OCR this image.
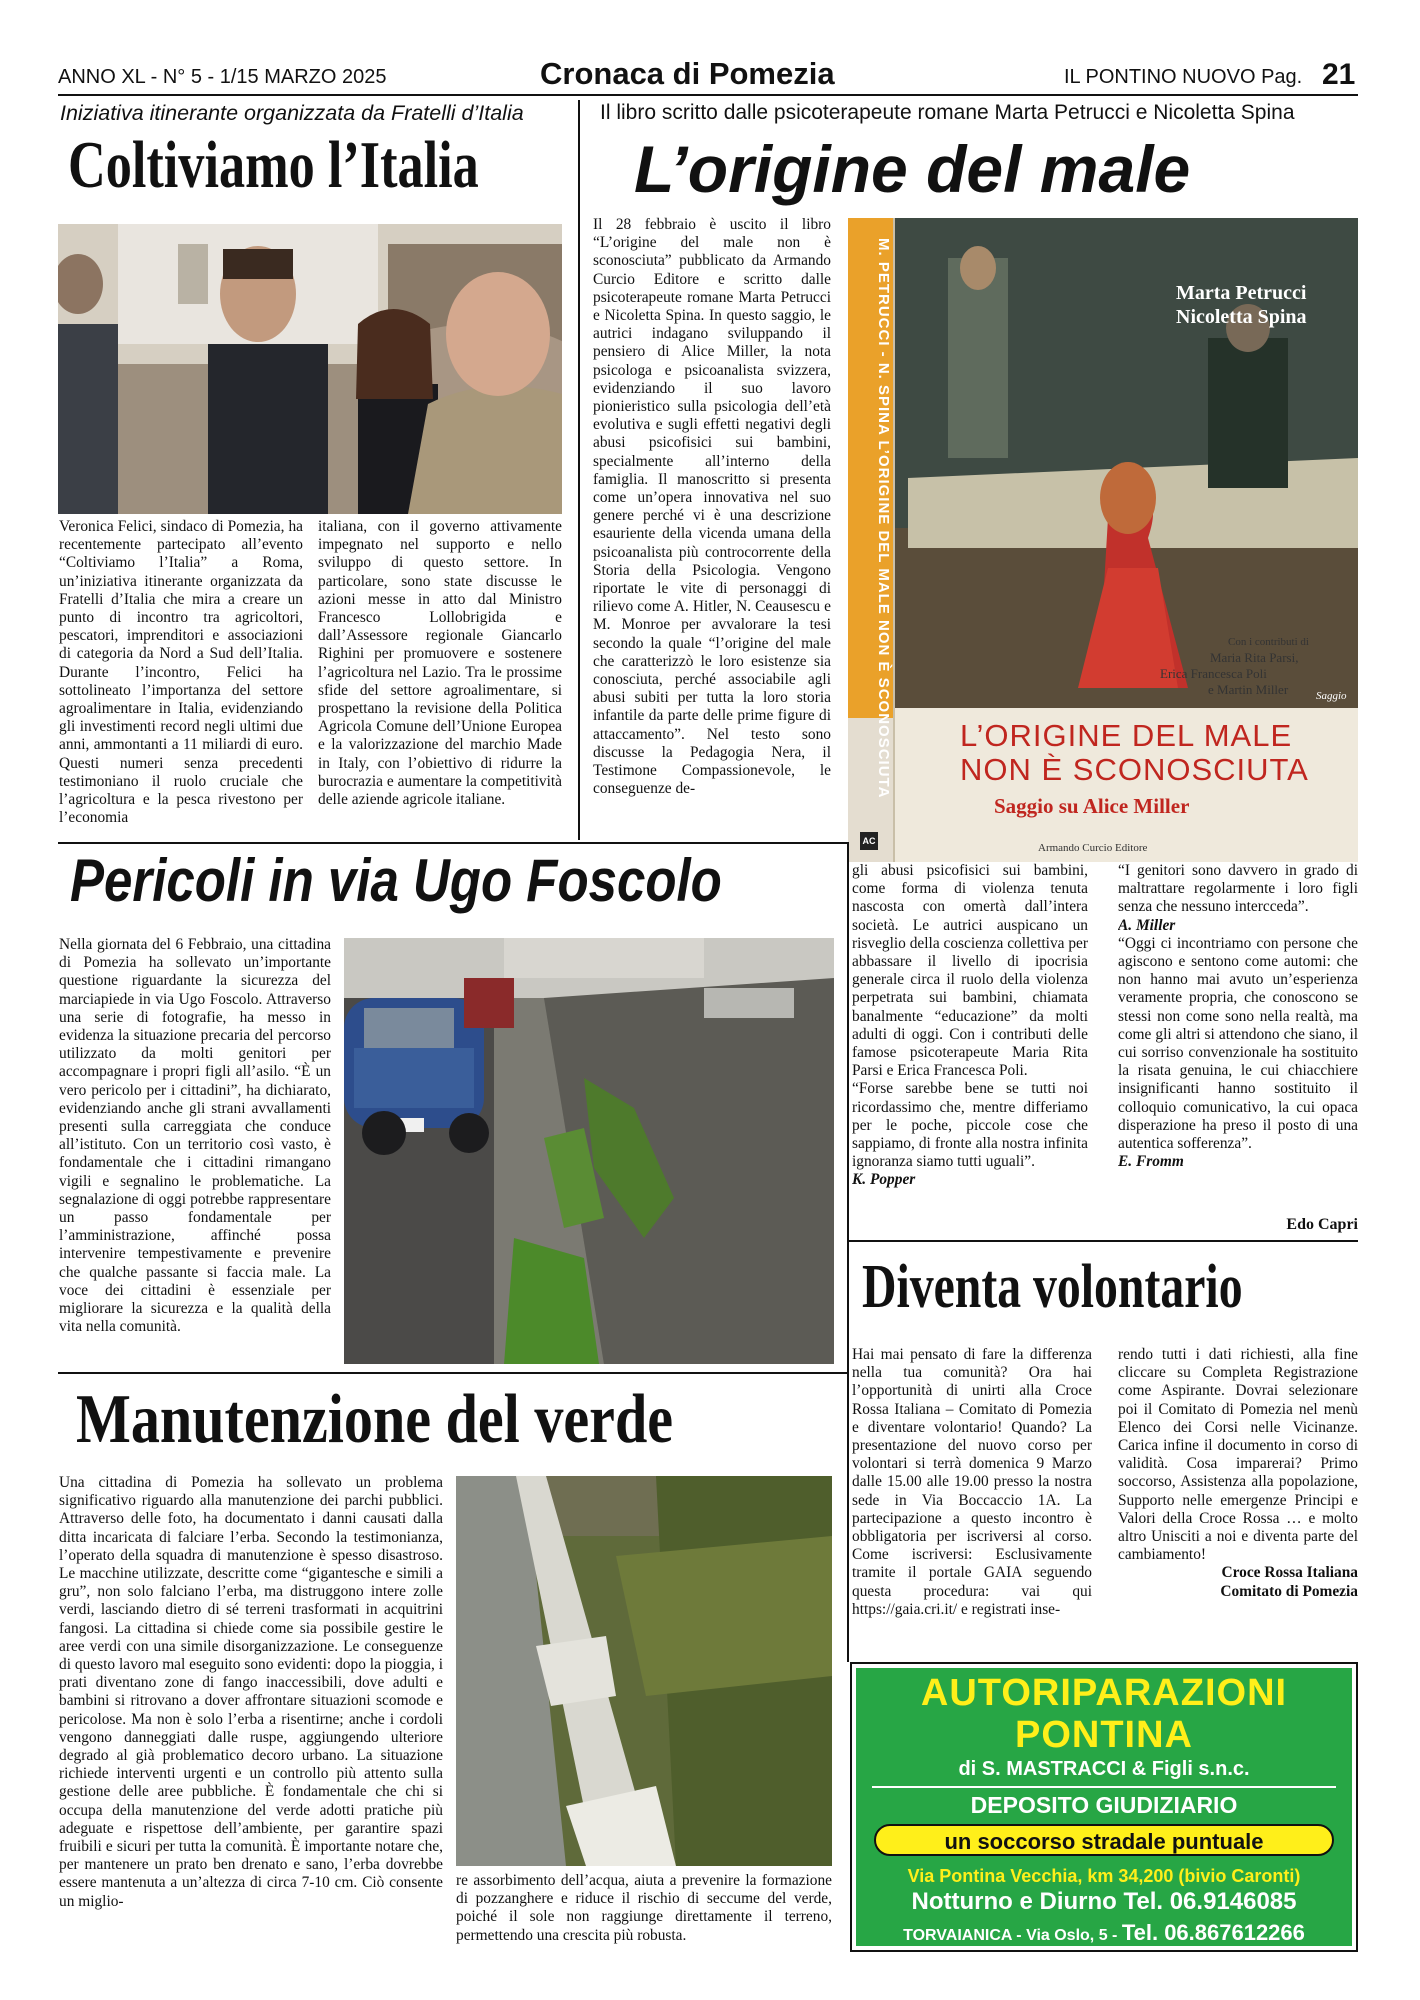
ANNO XL - N° 5 - 1/15 MARZO 2025	Cronaca di Pomezia	IL PONTINO NUOVO Pag. 21
Iniziativa itinerante organizzata da Fratelli d’Italia
Coltiviamo l’Italia
Veronica Felici, sindaco di Pomezia, ha recentemente partecipato all’evento “Coltiviamo l’Italia” a Roma, un’iniziativa itinerante organizzata da Fratelli d’Italia che mira a creare un punto di incontro tra agricoltori, pescatori, imprenditori e associazioni di categoria da Nord a Sud dell’Italia. Durante l’incontro, Felici ha sottolineato l’importanza del settore agroalimentare in Italia, evidenziando gli investimenti record negli ultimi due anni, ammontanti a 11 miliardi di euro. Questi numeri senza precedenti testimoniano il ruolo cruciale che l’agricoltura e la pesca rivestono per l’economia
italiana, con il governo attivamente impegnato nel supporto e nello sviluppo di questo settore. In particolare, sono state discusse le azioni messe in atto dal Ministro Francesco Lollobrigida e dall’Assessore regionale Giancarlo Righini per promuovere e sostenere l’agricoltura nel Lazio. Tra le prossime sfide del settore agroalimentare, si prospettano la revisione della Politica Agricola Comune dell’Unione Europea e la valorizzazione del marchio Made in Italy, con l’obiettivo di ridurre la burocrazia e aumentare la competitività delle aziende agricole italiane.
Il libro scritto dalle psicoterapeute romane Marta Petrucci e Nicoletta Spina
L’origine del male
Il 28 febbraio è uscito il libro “L’origine del male non è sconosciuta” pubblicato da Armando Curcio Editore e scritto dalle psicoterapeute romane Marta Petrucci e Nicoletta Spina. In questo saggio, le autrici indagano sviluppando il pensiero di Alice Miller, la nota psicologa e psicoanalista svizzera, evidenziando il suo lavoro pionieristico sulla psicologia dell’età evolutiva e sugli effetti negativi degli abusi psicofisici sui bambini, specialmente all’interno della famiglia. Il manoscritto si presenta come un’opera innovativa nel suo genere perché vi è una descrizione esauriente della vicenda umana della psicoanalista più controcorrente della Storia della Psicologia. Vengono riportate le vite di personaggi di rilievo come A. Hitler, N. Ceausescu e M. Monroe per avvalorare la tesi secondo la quale “l’origine del male che caratterizzò le loro esistenze sia conosciuta, perché associabile agli abusi subiti per tutta la loro storia infantile da parte delle prime figure di attaccamento”. Nel testo sono discusse la Pedagogia Nera, il Testimone Compassionevole, le conseguenze de-	M. PETRUCCI - N. SPINA L’ORIGINE DEL MALE NON È SCONOSCIUTA	Marta Petrucci
Nicoletta Spina
Saggio
Con i contributi di
Maria Rita Parsi,
Erica Francesca Poli
e Martin Miller
L’ORIGINE DEL MALE
NON È SCONOSCIUTA
Saggio su Alice Miller
Armando Curcio Editore
AC

gli abusi psicofisici sui bambini, come forma di violenza tenuta nascosta con omertà dall’intera società. Le autrici auspicano un risveglio della coscienza collettiva per abbassare il livello di ipocrisia generale circa il ruolo della violenza perpetrata sui bambini, chiamata banalmente “educazione” da molti adulti di oggi. Con i contributi delle famose psicoterapeute Maria Rita Parsi e Erica Francesca Poli.

“Forse sarebbe bene se tutti noi ricordassimo che, mentre differiamo per le poche, piccole cose che sappiamo, di fronte alla nostra infinita ignoranza siamo tutti uguali”.

K. Popper

“I genitori sono davvero in grado di maltrattare regolarmente i loro figli senza che nessuno intercceda”.

A. Miller

“Oggi ci incontriamo con persone che agiscono e sentono come automi: che non hanno mai avuto un’esperienza veramente propria, che conoscono se stessi non come sono nella realtà, ma come gli altri si attendono che siano, il cui sorriso convenzionale ha sostituito la risata genuina, le cui chiacchiere insignificanti hanno sostituito il colloquio comunicativo, la cui opaca disperazione ha preso il posto di una autentica sofferenza”.

E. Fromm

Edo Capri
Pericoli in via Ugo Foscolo
Nella giornata del 6 Febbraio, una cittadina di Pomezia ha sollevato un’importante questione riguardante la sicurezza del marciapiede in via Ugo Foscolo. Attraverso una serie di fotografie, ha messo in evidenza la situazione precaria del percorso utilizzato da molti genitori per accompagnare i propri figli all’asilo. “È un vero pericolo per i cittadini”, ha dichiarato, evidenziando anche gli strani avvallamenti presenti sulla carreggiata che conduce all’istituto. Con un territorio così vasto, è fondamentale che i cittadini rimangano vigili e segnalino le problematiche. La segnalazione di oggi potrebbe rappresentare un passo fondamentale per l’amministrazione, affinché possa intervenire tempestivamente e prevenire che qualche passante si faccia male. La voce dei cittadini è essenziale per migliorare la sicurezza e la qualità della vita nella comunità.
Diventa volontario
Hai mai pensato di fare la differenza nella tua comunità? Ora hai l’opportunità di unirti alla Croce Rossa Italiana – Comitato di Pomezia e diventare volontario! Quando? La presentazione del nuovo corso per volontari si terrà domenica 9 Marzo dalle 15.00 alle 19.00 presso la nostra sede in Via Boccaccio 1A. La partecipazione a questo incontro è obbligatoria per iscriversi al corso. Come iscriversi: Esclusivamente tramite il portale GAIA seguendo questa procedura: vai qui https://gaia.cri.it/ e registrati inse-

rendo tutti i dati richiesti, alla fine cliccare su Completa Registrazione come Aspirante. Dovrai selezionare poi il Comitato di Pomezia nel menù Elenco dei Corsi nelle Vicinanze. Carica infine il documento in corso di validità. Cosa imparerai? Primo soccorso, Assistenza alla popolazione, Supporto nelle emergenze Principi e Valori della Croce Rossa … e molto altro Unisciti a noi e diventa parte del cambiamento!

Croce Rossa Italiana

Comitato di Pomezia

Manutenzione del verde
Una cittadina di Pomezia ha sollevato un problema significativo riguardo alla manutenzione dei parchi pubblici. Attraverso delle foto, ha documentato i danni causati dalla ditta incaricata di falciare l’erba. Secondo la testimonianza, l’operato della squadra di manutenzione è spesso disastroso. Le macchine utilizzate, descritte come “gigantesche e simili a gru”, non solo falciano l’erba, ma distruggono intere zolle verdi, lasciando dietro di sé terreni trasformati in acquitrini fangosi. La cittadina si chiede come sia possibile gestire le aree verdi con una simile disorganizzazione. Le conseguenze di questo lavoro mal eseguito sono evidenti: dopo la pioggia, i prati diventano zone di fango inaccessibili, dove adulti e bambini si ritrovano a dover affrontare situazioni scomode e pericolose. Ma non è solo l’erba a risentirne; anche i cordoli vengono danneggiati dalle ruspe, aggiungendo ulteriore degrado al già problematico decoro urbano. La situazione richiede interventi urgenti e un controllo più attento sulla gestione delle aree pubbliche. È fondamentale che chi si occupa della manutenzione del verde adotti pratiche più adeguate e rispettose dell’ambiente, per garantire spazi fruibili e sicuri per tutta la comunità. È importante notare che, per mantenere un prato ben drenato e sano, l’erba dovrebbe essere mantenuta a un’altezza di circa 7-10 cm. Ciò consente un miglio-
re assorbimento dell’acqua, aiuta a prevenire la formazione di pozzanghere e riduce il rischio di seccume del verde, poiché il sole non raggiunge direttamente il terreno, permettendo una crescita più robusta.
AUTORIPARAZIONI
PONTINA
di S. MASTRACCI & Figli s.n.c.
DEPOSITO GIUDIZIARIO
un soccorso stradale puntuale
Via Pontina Vecchia, km 34,200 (bivio Caronti)
Notturno e Diurno Tel. 06.9146085
TORVAIANICA - Via Oslo, 5 - Tel. 06.867612266
